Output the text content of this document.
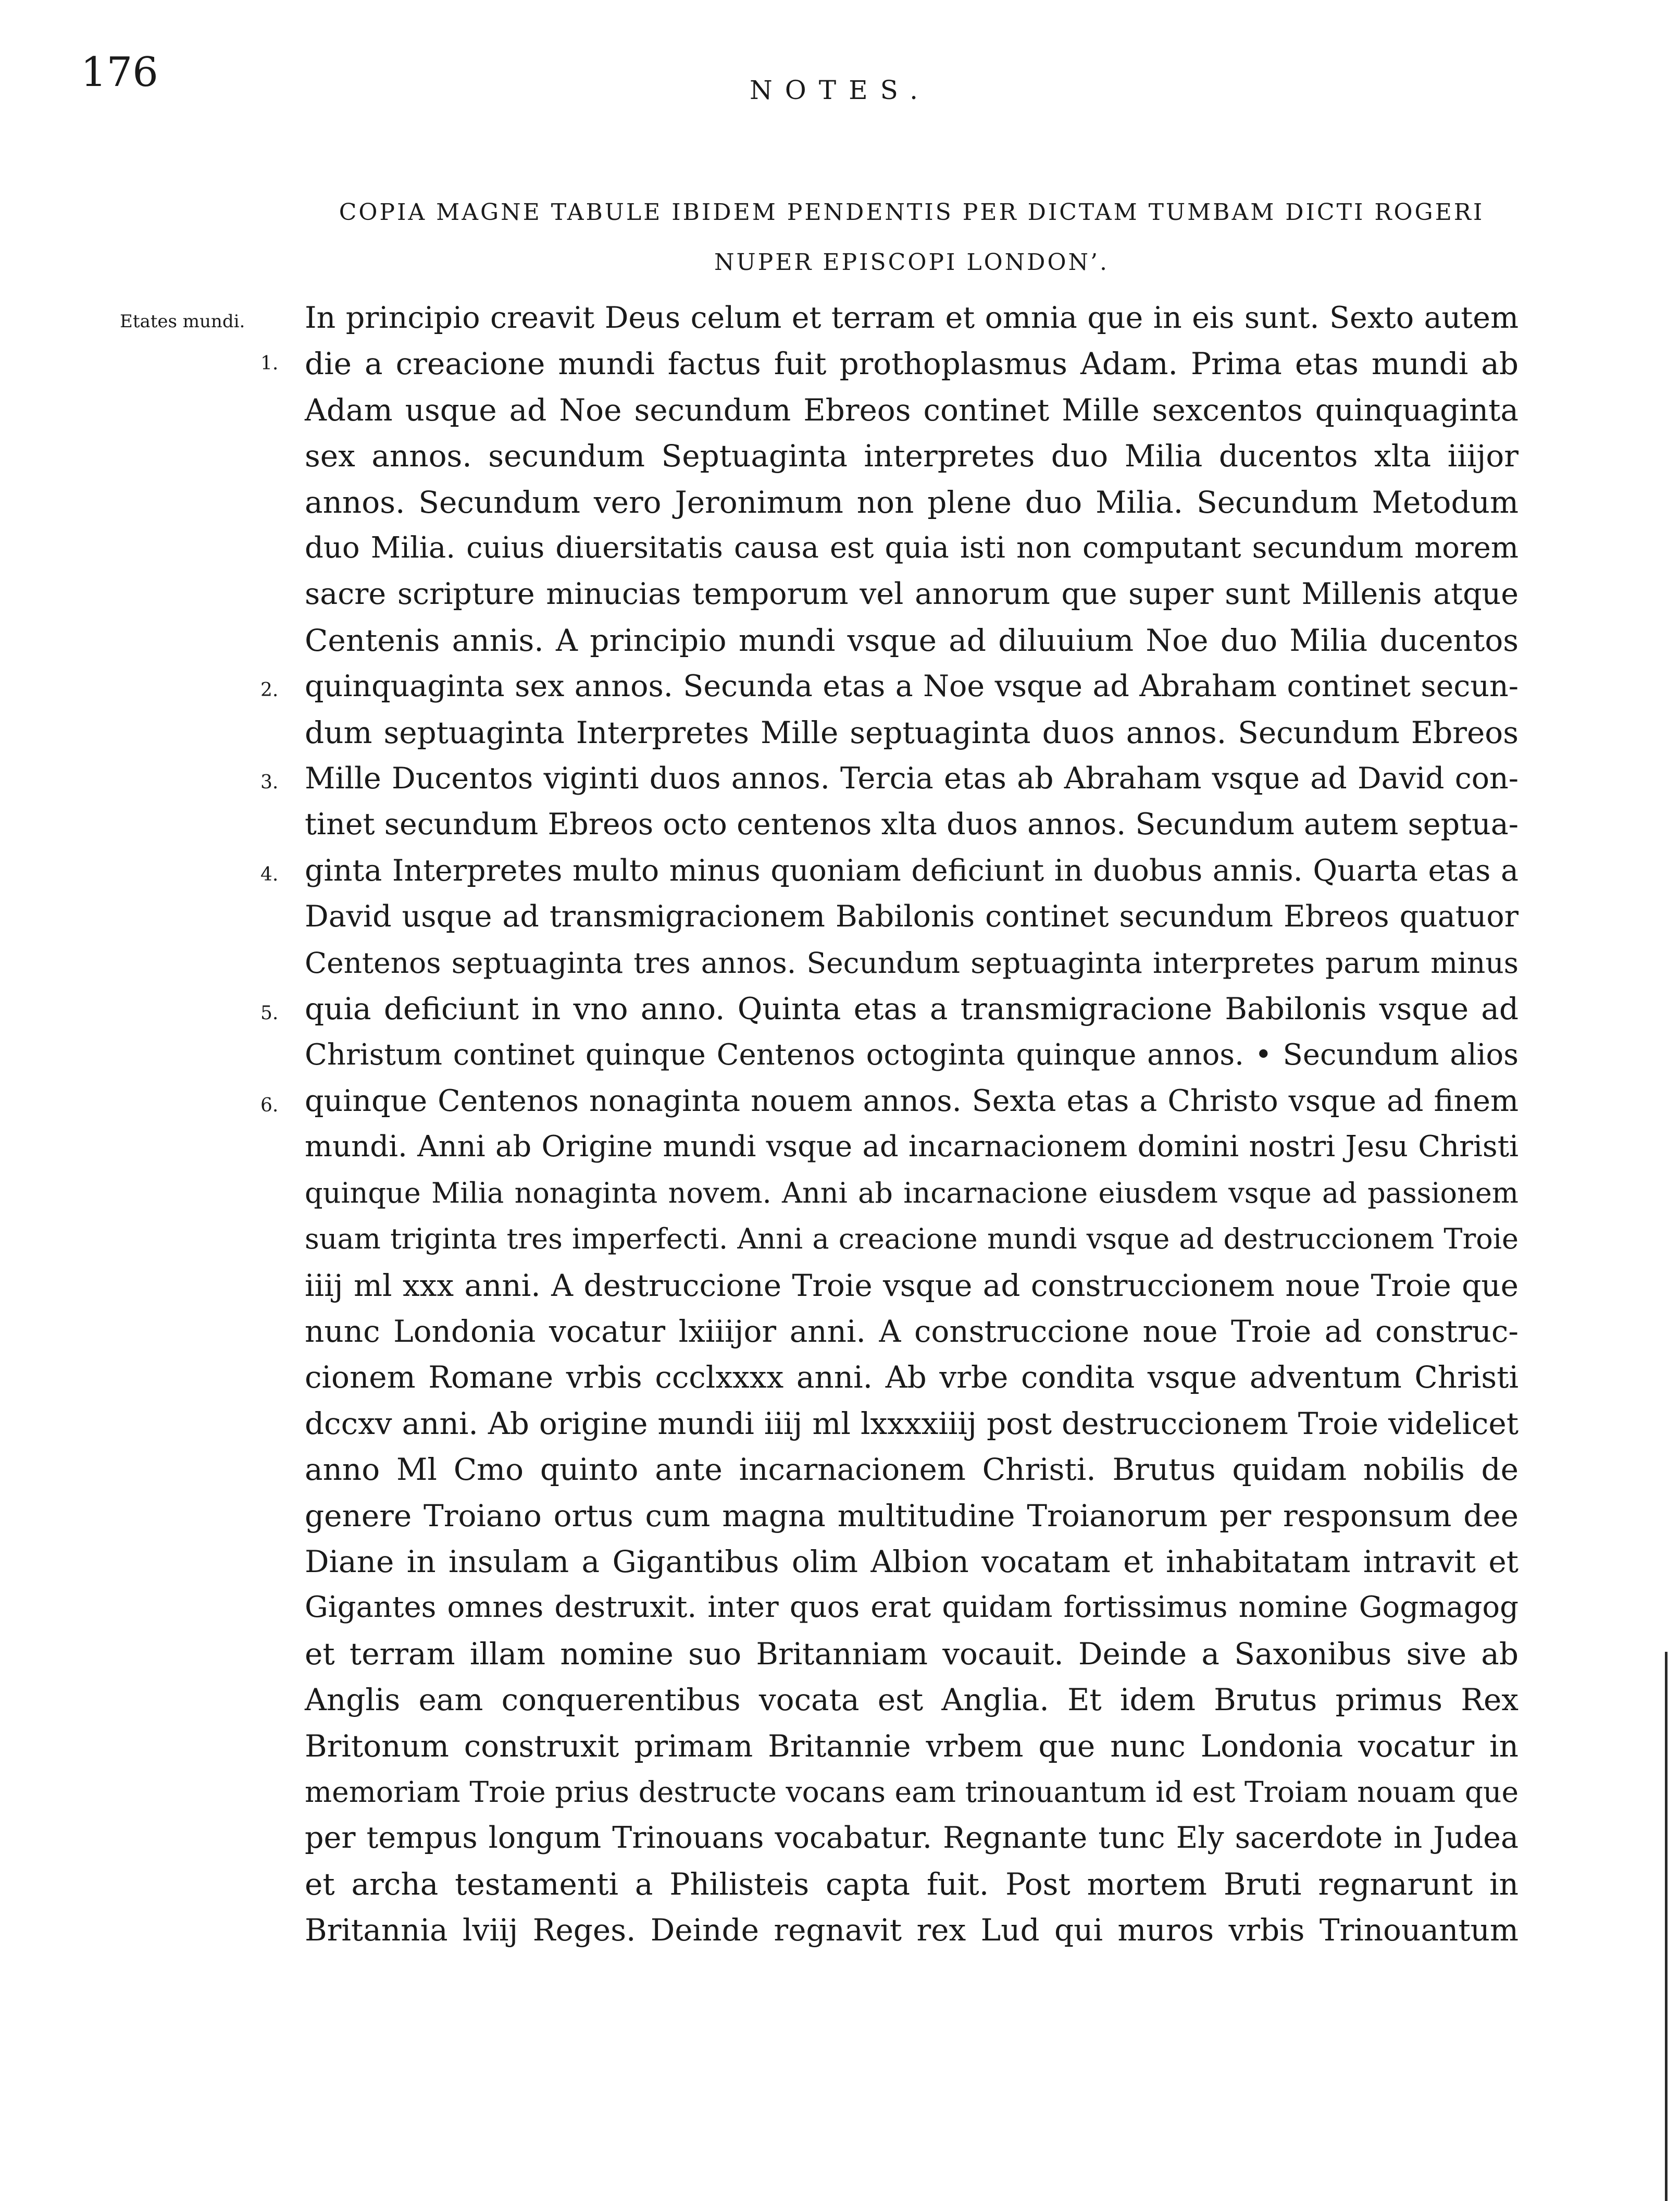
176	NOTES.
COPIA MAGNE TABULE IBIDEM PENDENTIS PER DICTAM TUMBAM DICTI ROGERI
NUPER EPISCOPI LONDON’.
Etates mundi.
1.
2.
3.
4.
5.
6.
In principio creavit Deus celum et terram et omnia que in eis sunt. Sexto autem
die a creacione mundi factus fuit prothoplasmus Adam. Prima etas mundi ab
Adam usque ad Noe secundum Ebreos continet Mille sexcentos quinquaginta
sex annos. secundum Septuaginta interpretes duo Milia ducentos xlta iiijor
annos. Secundum vero Jeronimum non plene duo Milia. Secundum Metodum
duo Milia. cuius diuersitatis causa est quia isti non computant secundum morem
sacre scripture minucias temporum vel annorum que super sunt Millenis atque
Centenis annis. A principio mundi vsque ad diluuium Noe duo Milia ducentos
quinquaginta sex annos. Secunda etas a Noe vsque ad Abraham continet secun-
dum septuaginta Interpretes Mille septuaginta duos annos. Secundum Ebreos
Mille Ducentos viginti duos annos. Tercia etas ab Abraham vsque ad David con-
tinet secundum Ebreos octo centenos xlta duos annos. Secundum autem septua-
ginta Interpretes multo minus quoniam deficiunt in duobus annis. Quarta etas a
David usque ad transmigracionem Babilonis continet secundum Ebreos quatuor
Centenos septuaginta tres annos. Secundum septuaginta interpretes parum minus
quia deficiunt in vno anno. Quinta etas a transmigracione Babilonis vsque ad
Christum continet quinque Centenos octoginta quinque annos. • Secundum alios
quinque Centenos nonaginta nouem annos. Sexta etas a Christo vsque ad finem
mundi. Anni ab Origine mundi vsque ad incarnacionem domini nostri Jesu Christi
quinque Milia nonaginta novem. Anni ab incarnacione eiusdem vsque ad passionem
suam triginta tres imperfecti. Anni a creacione mundi vsque ad destruccionem Troie
iiij ml xxx anni. A destruccione Troie vsque ad construccionem noue Troie que
nunc Londonia vocatur lxiiijor anni. A construccione noue Troie ad construc-
cionem Romane vrbis ccclxxxx anni. Ab vrbe condita vsque adventum Christi
dccxv anni. Ab origine mundi iiij ml lxxxxiiij post destruccionem Troie videlicet
anno Ml Cmo quinto ante incarnacionem Christi. Brutus quidam nobilis de
genere Troiano ortus cum magna multitudine Troianorum per responsum dee
Diane in insulam a Gigantibus olim Albion vocatam et inhabitatam intravit et
Gigantes omnes destruxit. inter quos erat quidam fortissimus nomine Gogmagog
et terram illam nomine suo Britanniam vocauit. Deinde a Saxonibus sive ab
Anglis eam conquerentibus vocata est Anglia. Et idem Brutus primus Rex
Britonum construxit primam Britannie vrbem que nunc Londonia vocatur in
memoriam Troie prius destructe vocans eam trinouantum id est Troiam nouam que
per tempus longum Trinouans vocabatur. Regnante tunc Ely sacerdote in Judea
et archa testamenti a Philisteis capta fuit. Post mortem Bruti regnarunt in
Britannia lviij Reges. Deinde regnavit rex Lud qui muros vrbis Trinouantum
